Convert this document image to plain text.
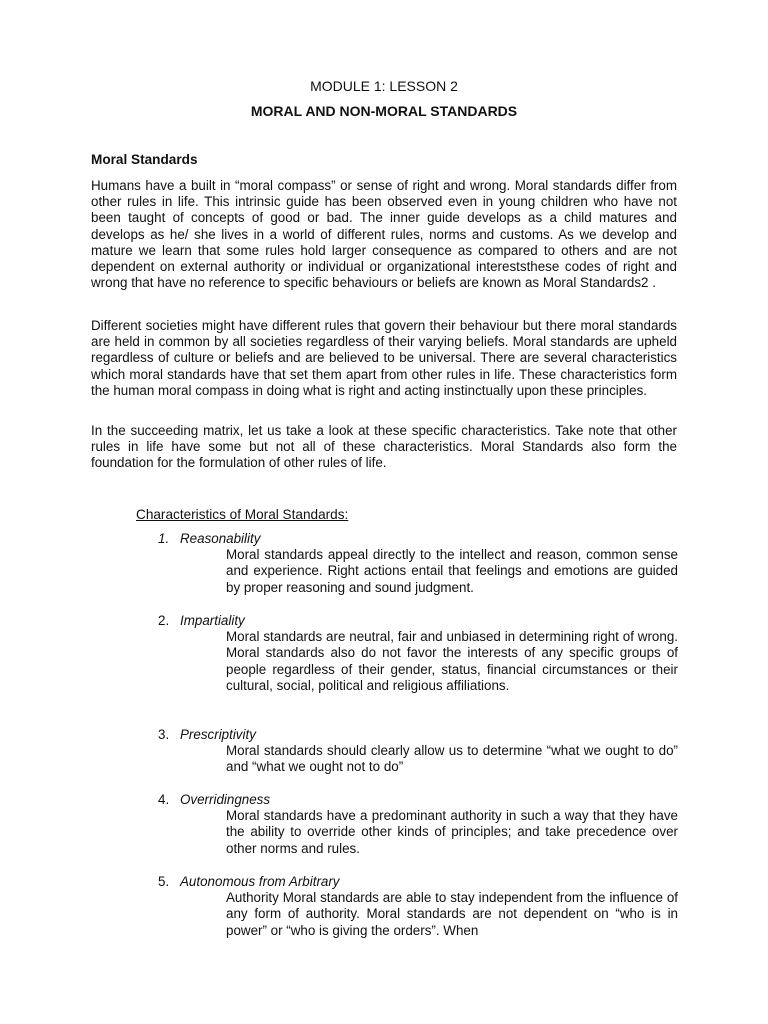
MODULE 1: LESSON 2
MORAL AND NON-MORAL STANDARDS
Moral Standards

Humans have a built in “moral compass” or sense of right and wrong. Moral standards differ from other rules in life. This intrinsic guide has been observed even in young children who have not been taught of concepts of good or bad. The inner guide develops as a child matures and develops as he/ she lives in a world of different rules, norms and customs. As we develop and mature we learn that some rules hold larger consequence as compared to others and are not dependent on external authority or individual or organizational intereststhese codes of right and wrong that have no reference to specific behaviours or beliefs are known as Moral Standards2 .

Different societies might have different rules that govern their behaviour but there moral standards are held in common by all societies regardless of their varying beliefs. Moral standards are upheld regardless of culture or beliefs and are believed to be universal. There are several characteristics which moral standards have that set them apart from other rules in life. These characteristics form the human moral compass in doing what is right and acting instinctually upon these principles.

In the succeeding matrix, let us take a look at these specific characteristics. Take note that other rules in life have some but not all of these characteristics. Moral Standards also form the foundation for the formulation of other rules of life.

Characteristics of Moral Standards:
1. Reasonability
Moral standards appeal directly to the intellect and reason, common sense and experience. Right actions entail that feelings and emotions are guided by proper reasoning and sound judgment.
2. Impartiality
Moral standards are neutral, fair and unbiased in determining right of wrong. Moral standards also do not favor the interests of any specific groups of people regardless of their gender, status, financial circumstances or their cultural, social, political and religious affiliations.
3. Prescriptivity
Moral standards should clearly allow us to determine “what we ought to do” and “what we ought not to do”
4. Overridingness
Moral standards have a predominant authority in such a way that they have the ability to override other kinds of principles; and take precedence over other norms and rules.
5. Autonomous from Arbitrary
Authority Moral standards are able to stay independent from the influence of any form of authority. Moral standards are not dependent on “who is in power” or “who is giving the orders”. When
